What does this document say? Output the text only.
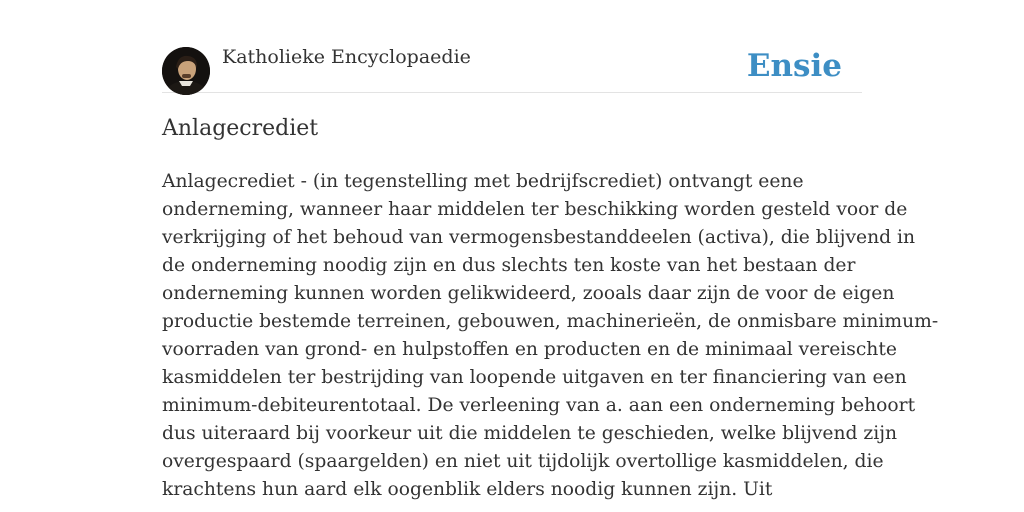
Katholieke Encyclopaedie	Ensie
Anlagecrediet
Anlagecrediet - (in tegenstelling met bedrijfscrediet) ontvangt eene
onderneming, wanneer haar middelen ter beschikking worden gesteld voor de
verkrijging of het behoud van vermogensbestanddeelen (activa), die blijvend in
de onderneming noodig zijn en dus slechts ten koste van het bestaan der
onderneming kunnen worden gelikwideerd, zooals daar zijn de voor de eigen
productie bestemde terreinen, gebouwen, machinerieën, de onmisbare minimum-
voorraden van grond- en hulpstoffen en producten en de minimaal vereischte
kasmiddelen ter bestrijding van loopende uitgaven en ter financiering van een
minimum-debiteurentotaal. De verleening van a. aan een onderneming behoort
dus uiteraard bij voorkeur uit die middelen te geschieden, welke blijvend zijn
overgespaard (spaargelden) en niet uit tijdolijk overtollige kasmiddelen, die
krachtens hun aard elk oogenblik elders noodig kunnen zijn. Uit
